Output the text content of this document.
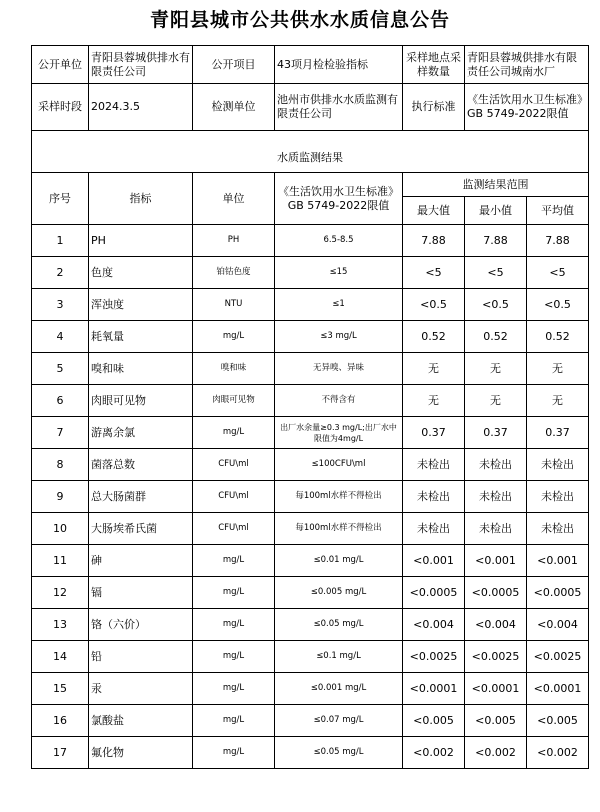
青阳县城市公共供水水质信息公告
公开单位	青阳县蓉城供排水有限责任公司	公开项目	43项月检检验指标	采样地点采样数量	青阳县蓉城供排水有限责任公司城南水厂	
采样时段	2024.3.5	检测单位	池州市供排水水质监测有限责任公司	执行标准	《生活饮用水卫生标准》GB 5749-2022限值	

水质监测结果						
序号	指标	单位	《生活饮用水卫生标准》GB 5749-2022限值	监测结果范围		
				最大值	最小值	平均值
1	PH	PH	6.5-8.5	7.88	7.88	7.88
2	色度	铂钴色度	≤15	<5	<5	<5
3	浑浊度	NTU	≤1	<0.5	<0.5	<0.5
4	耗氧量	mg/L	≤3 mg/L	0.52	0.52	0.52
5	嗅和味	嗅和味	无异嗅、异味	无	无	无
6	肉眼可见物	肉眼可见物	不得含有	无	无	无
7	游离余氯	mg/L	出厂水余量≥0.3 mg/L;出厂水中限值为4mg/L	0.37	0.37	0.37
8	菌落总数	CFU\ml	≤100CFU\ml	未检出	未检出	未检出
9	总大肠菌群	CFU\ml	每100ml水样不得检出	未检出	未检出	未检出
10	大肠埃希氏菌	CFU\ml	每100ml水样不得检出	未检出	未检出	未检出
11	砷	mg/L	≤0.01 mg/L	<0.001	<0.001	<0.001
12	镉	mg/L	≤0.005 mg/L	<0.0005	<0.0005	<0.0005
13	铬（六价）	mg/L	≤0.05 mg/L	<0.004	<0.004	<0.004
14	铅	mg/L	≤0.1 mg/L	<0.0025	<0.0025	<0.0025
15	汞	mg/L	≤0.001 mg/L	<0.0001	<0.0001	<0.0001
16	氯酸盐	mg/L	≤0.07 mg/L	<0.005	<0.005	<0.005
17	氟化物	mg/L	≤0.05 mg/L	<0.002	<0.002	<0.002
